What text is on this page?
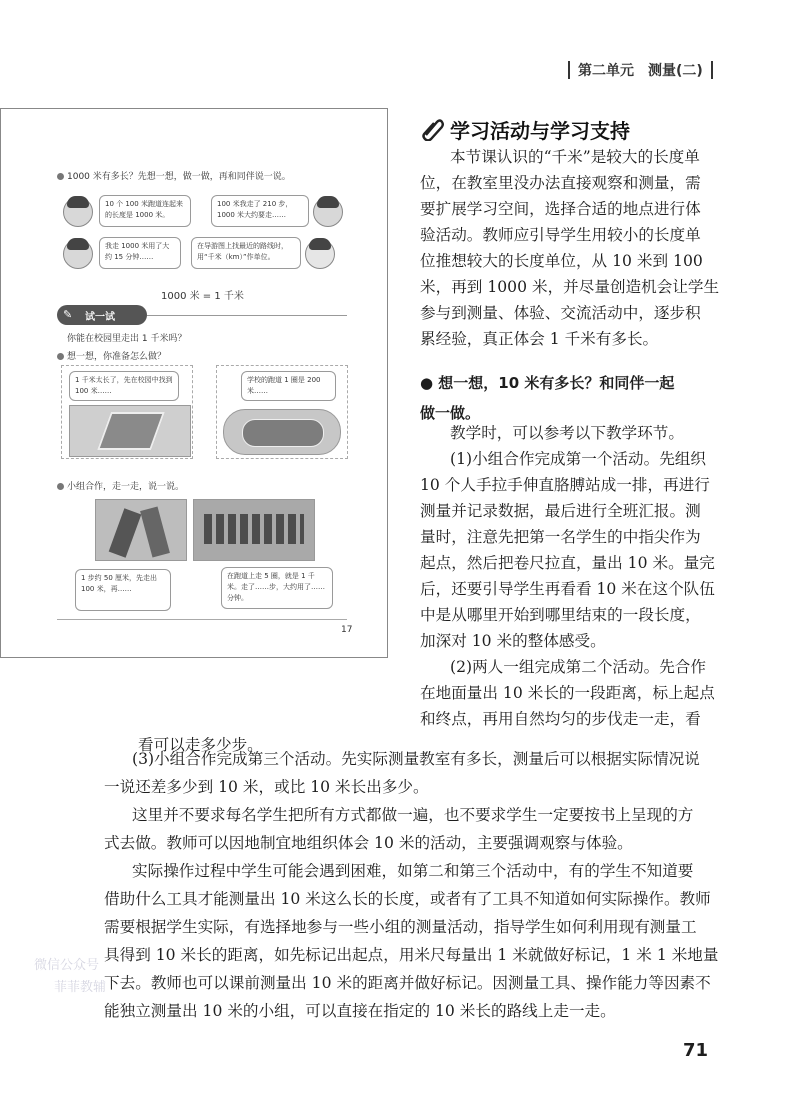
第二单元 测量(二)
1000 米有多长？先想一想，做一做，再和同伴说一说。
10 个 100 米跑道连起来的长度是 1000 米。
100 米我走了 210 步，1000 米大约要走……
我走 1000 米用了大约 15 分钟……
在导游图上找最近的路线时，用“千米（km）”作单位。
1000 米 = 1 千米
试一试
✎
你能在校园里走出 1 千米吗？
想一想，你准备怎么做？
1 千米太长了，先在校园中找到 100 米……
学校的跑道 1 圈是 200 米……
小组合作，走一走，说一说。
1 步约 50 厘米，先走出 100 米，再……
在跑道上走 5 圈，就是 1 千米。走了……步，大约用了……分钟。
17
学习活动与学习支持
本节课认识的“千米”是较大的长度单
位，在教室里没办法直接观察和测量，需
要扩展学习空间，选择合适的地点进行体
验活动。教师应引导学生用较小的长度单
位推想较大的长度单位，从 10 米到 100
米，再到 1000 米，并尽量创造机会让学生
参与到测量、体验、交流活动中，逐步积
累经验，真正体会 1 千米有多长。
● 想一想，10 米有多长？和同伴一起
做一做。
教学时，可以参考以下教学环节。
(1)小组合作完成第一个活动。先组织
10 个人手拉手伸直胳膊站成一排，再进行
测量并记录数据，最后进行全班汇报。测
量时，注意先把第一名学生的中指尖作为
起点，然后把卷尺拉直，量出 10 米。量完
后，还要引导学生再看看 10 米在这个队伍
中是从哪里开始到哪里结束的一段长度，
加深对 10 米的整体感受。
(2)两人一组完成第二个活动。先合作
在地面量出 10 米长的一段距离，标上起点
和终点，再用自然均匀的步伐走一走，看
看可以走多少步。
(3)小组合作完成第三个活动。先实际测量教室有多长，测量后可以根据实际情况说
一说还差多少到 10 米，或比 10 米长出多少。
这里并不要求每名学生把所有方式都做一遍，也不要求学生一定要按书上呈现的方
式去做。教师可以因地制宜地组织体会 10 米的活动，主要强调观察与体验。
实际操作过程中学生可能会遇到困难，如第二和第三个活动中，有的学生不知道要
借助什么工具才能测量出 10 米这么长的长度，或者有了工具不知道如何实际操作。教师
需要根据学生实际，有选择地参与一些小组的测量活动，指导学生如何利用现有测量工
具得到 10 米长的距离，如先标记出起点，用米尺每量出 1 米就做好标记，1 米 1 米地量
下去。教师也可以课前测量出 10 米的距离并做好标记。因测量工具、操作能力等因素不
能独立测量出 10 米的小组，可以直接在指定的 10 米长的路线上走一走。
微信公众号
菲菲教辅
71
